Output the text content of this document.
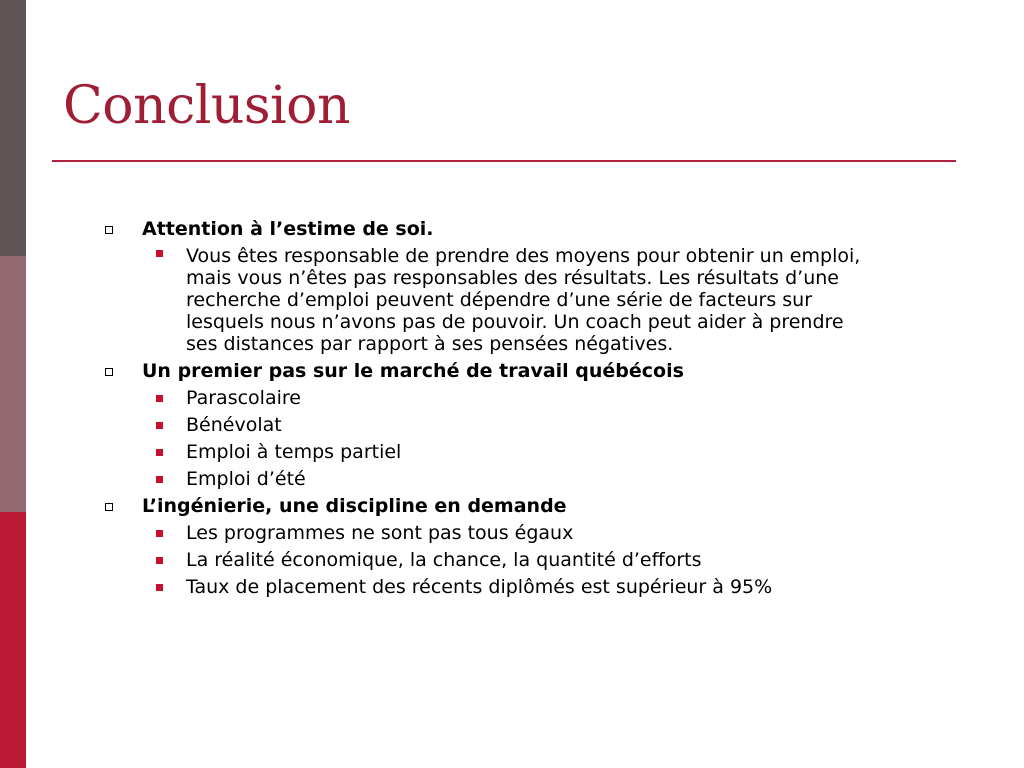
Conclusion
Attention à l’estime de soi.
Vous êtes responsable de prendre des moyens pour obtenir un emploi, mais vous n’êtes pas responsables des résultats. Les résultats d’une recherche d’emploi peuvent dépendre d’une série de facteurs sur lesquels nous n’avons pas de pouvoir. Un coach peut aider à prendre ses distances par rapport à ses pensées négatives.
Un premier pas sur le marché de travail québécois
Parascolaire
Bénévolat
Emploi à temps partiel
Emploi d’été
L’ingénierie, une discipline en demande
Les programmes ne sont pas tous égaux
La réalité économique, la chance, la quantité d’efforts
Taux de placement des récents diplômés est supérieur à 95%
